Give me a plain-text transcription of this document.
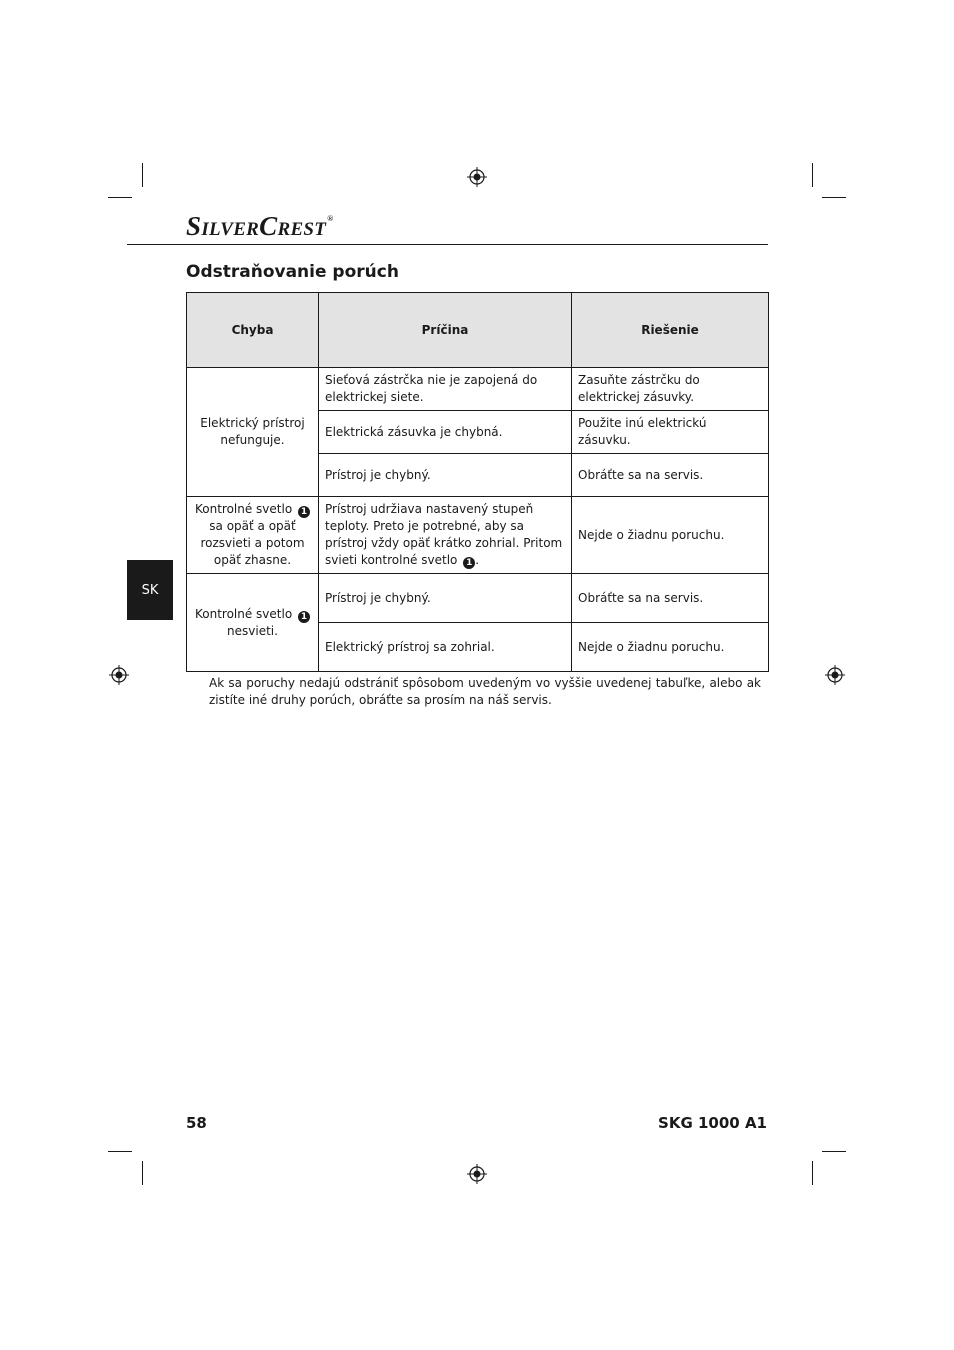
SILVERCREST®
Odstraňovanie porúch
Chyba	Príčina	Riešenie
Elektrický prístroj nefunguje.	Sieťová zástrčka nie je zapojená do elektrickej siete.	Zasuňte zástrčku do elektrickej zásuvky.
	Elektrická zásuvka je chybná.	Použite inú elektrickú zásuvku.
	Prístroj je chybný.	Obráťte sa na servis.
Kontrolné svetlo 1 sa opäť a opäť rozsvieti a potom opäť zhasne.	Prístroj udržiava nastavený stupeň teploty. Preto je potrebné, aby sa prístroj vždy opäť krátko zohrial. Pritom svieti kontrolné svetlo 1 .	Nejde o žiadnu poruchu.
Kontrolné svetlo 1 nesvieti.	Prístroj je chybný.	Obráťte sa na servis.
	Elektrický prístroj sa zohrial.	Nejde o žiadnu poruchu.

Ak sa poruchy nedajú odstrániť spôsobom uvedeným vo vyššie uvedenej tabuľke, alebo ak zistíte iné druhy porúch, obráťte sa prosím na náš servis.

SK
58	SKG 1000 A1
